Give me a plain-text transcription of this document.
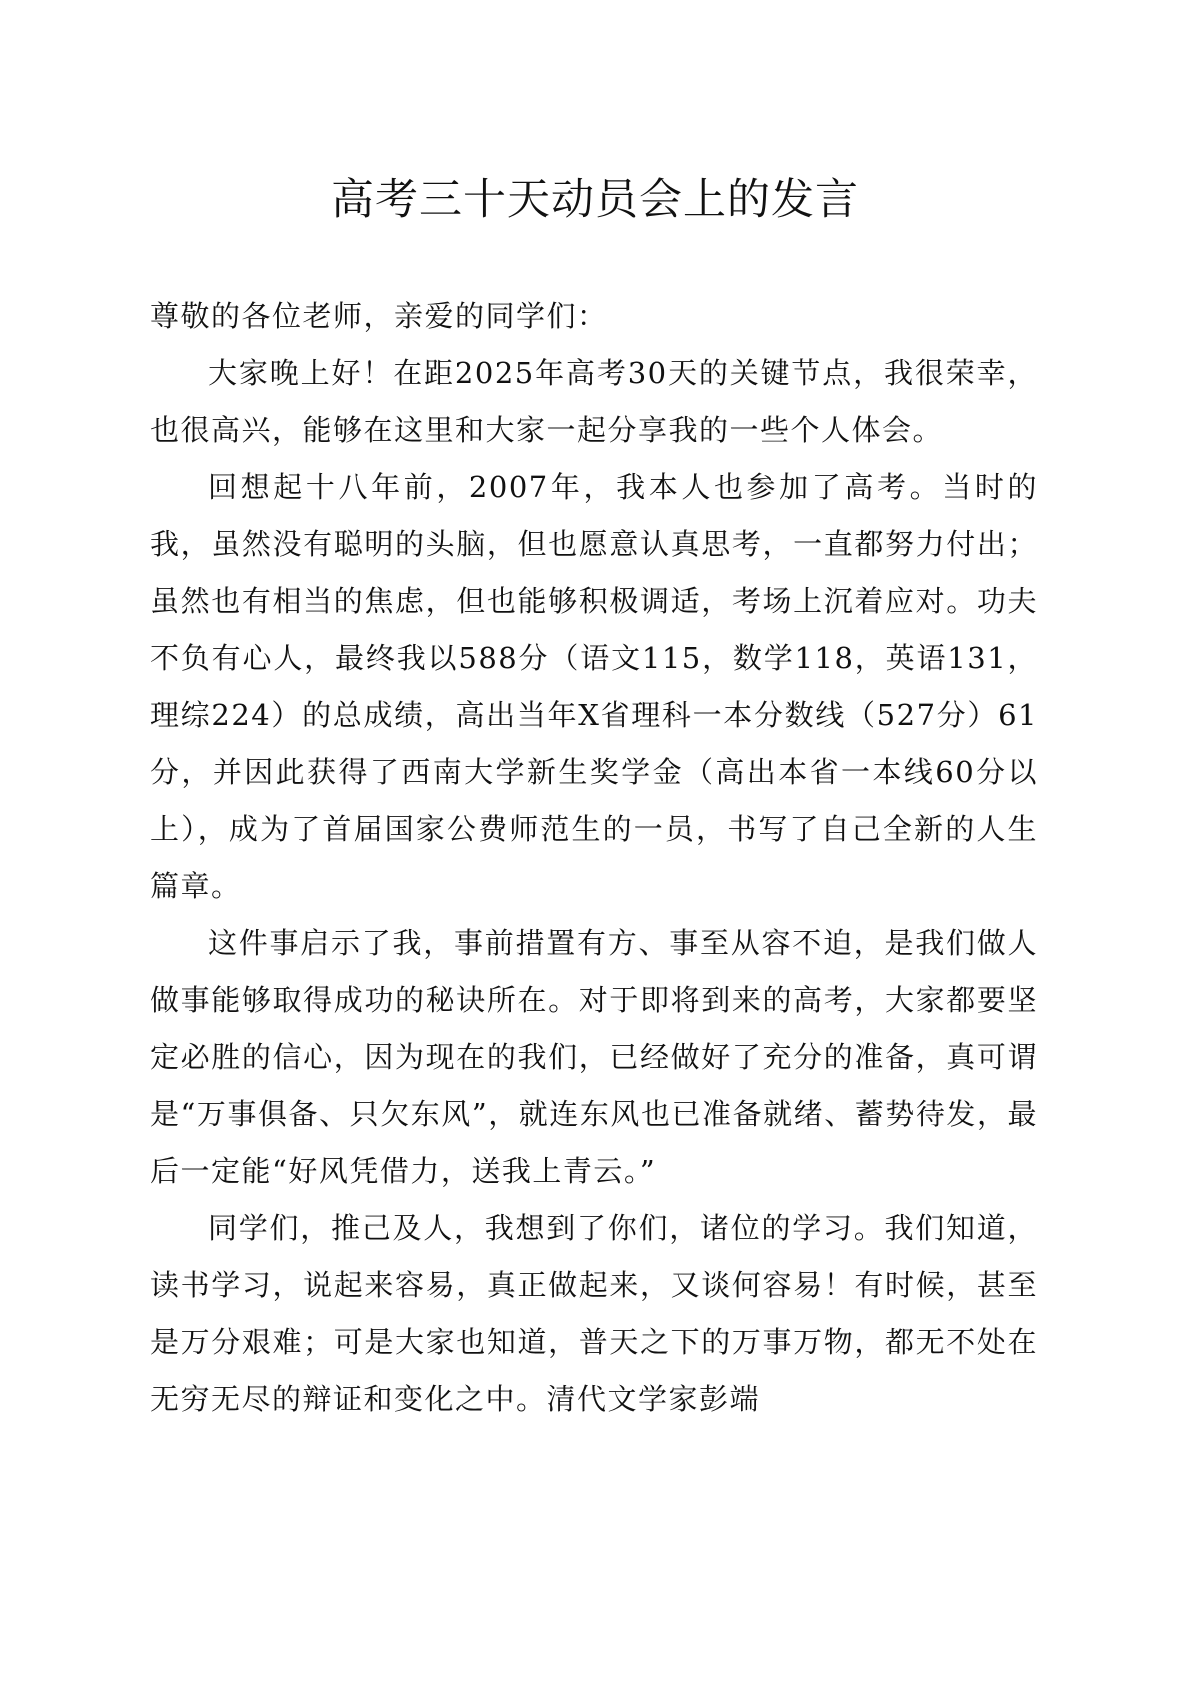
高考三十天动员会上的发言

尊敬的各位老师，亲爱的同学们：

大家晚上好！在距2025年高考30天的关键节点，我很荣幸，也很高兴，能够在这里和大家一起分享我的一些个人体会。

回想起十八年前，2007年，我本人也参加了高考。当时的我，虽然没有聪明的头脑，但也愿意认真思考，一直都努力付出；虽然也有相当的焦虑，但也能够积极调适，考场上沉着应对。功夫不负有心人，最终我以588分（语文115，数学118，英语131，理综224）的总成绩，高出当年X省理科一本分数线（527分）61分，并因此获得了西南大学新生奖学金（高出本省一本线60分以上），成为了首届国家公费师范生的一员，书写了自己全新的人生篇章。

这件事启示了我，事前措置有方、事至从容不迫，是我们做人做事能够取得成功的秘诀所在。对于即将到来的高考，大家都要坚定必胜的信心，因为现在的我们，已经做好了充分的准备，真可谓是“万事俱备、只欠东风”，就连东风也已准备就绪、蓄势待发，最后一定能“好风凭借力，送我上青云。”

同学们，推己及人，我想到了你们，诸位的学习。我们知道，读书学习，说起来容易，真正做起来，又谈何容易！有时候，甚至是万分艰难；可是大家也知道，普天之下的万事万物，都无不处在无穷无尽的辩证和变化之中。清代文学家彭端
